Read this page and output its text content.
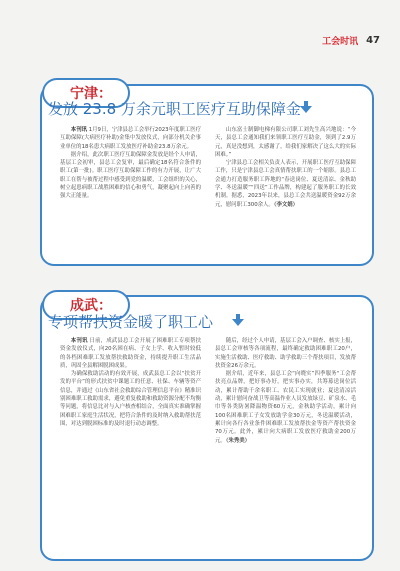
工会时讯 47
宁津：
发放 23.8 万余元职工医疗互助保障金

本刊讯 1月9日，宁津县总工会举行2023年度职工医疗互助保障(大病医疗补助)金集中发放仪式，向部分机关企事业单位的18名患大病职工发放医疗补助金23.8万余元。

据介绍，此次职工医疗互助保障金发放是经个人申请，基层工会初审，县总工会复审，最后确定18名符合条件的职工(第一批)。职工医疗互助保障工作的有力开展，让广大职工在帮与被帮过程中感受到党的温暖，工会组织的关心，树立起患病职工战胜困难的信心和勇气，凝聚起向上向善的强大正能量。

山东富士制御电梯有限公司职工刘先生高兴地说：“今天，县总工会通知我们来领职工医疗互助金，领到了2.9万元，真是没想到，太感谢了，给我们家解决了这么大的实际困难。”

宁津县总工会相关负责人表示，开展职工医疗互助保障工作，只是宁津县总工会真情帮扶职工的一个缩影。县总工会通力打造服务职工阵地的“春送岗位、夏送清凉、金秋助学、冬送温暖”“四送”工作品牌，构建起了服务职工的长效机制。据悉，2023年以来，县总工会共送温暖资金92万余元，慰问职工300余人。（李文娟）

成武：
专项帮扶资金暖了职工心

本刊讯 日前，成武县总工会开展了困难职工专项帮扶资金发放仪式，向20名困在病、子女上学、收入暂时较低的各档困难职工发放帮扶救助资金，持续提升职工生活品质，巩固全县解困脱困成果。

为确保救助活动的有效开展，成武县总工会以“扶贫开发的平台”的形式扶贫中课题工的任意、社保、车辆等资产信息，并通过《山东省社会救助综合管理信息平台》精准识别困难职工救助需求，避免重复救助和救助资源分配不均衡等问题，将信息比对与入户核查相结合，全面真实准确掌握困难职工家庭生活状况，把符合条件的及时纳入救助帮扶范围，对达到脱困标准的及时退行动态调整。

随后，经过个人申请，基层工会入户调查、核实上报，县总工会审核等各项流程，最终确定救助困难职工20户，实施生活救助、医疗救助、助学救助三个帮扶项目，发放帮扶资金26万余元。

据介绍，近年来，县总工会“向晓实”四季服务“工会帮扶亮点品牌，把好事办好，把实事办实，共筹募送岗位活动，累计帮助千余名职工、农民工实现就业；夏送清凉活动，累计慰问奋战卫等高温作业人员发放绿豆、矿泉水、毛巾等各类防暑降温物资60万元，金秋助学活动，累计向100名困难职工子女发放助学金30万元，冬送温暖活动，累计向各行各业条件困难职工发放帮扶金等资产帮扶资金70万元。此外，累计向大病职工发放医疗救助金200万元。（朱秀美）
